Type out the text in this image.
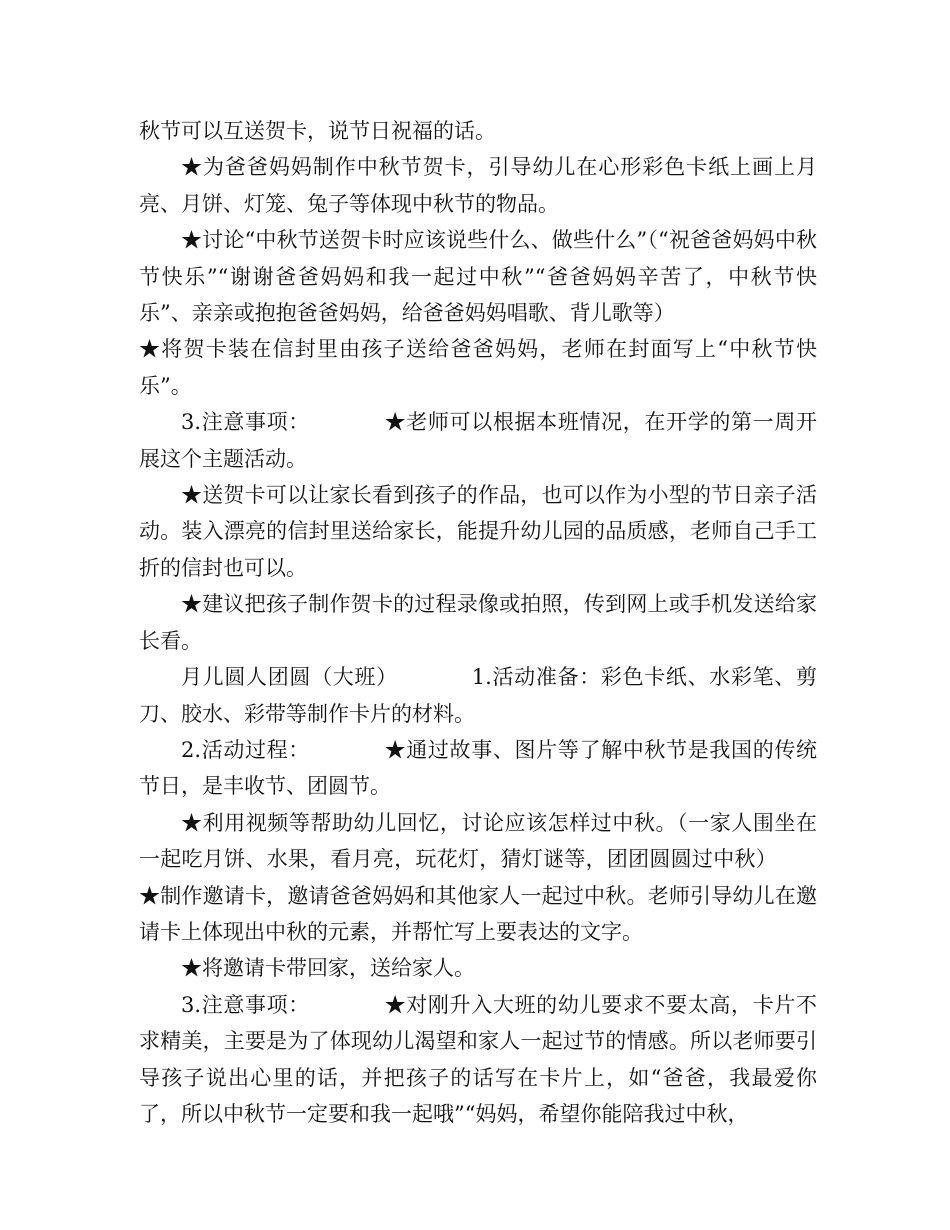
秋节可以互送贺卡，说节日祝福的话。

★为爸爸妈妈制作中秋节贺卡，引导幼儿在心形彩色卡纸上画上月亮、月饼、灯笼、兔子等体现中秋节的物品。

★讨论“中秋节送贺卡时应该说些什么、做些什么”（“祝爸爸妈妈中秋节快乐”“谢谢爸爸妈妈和我一起过中秋”“爸爸妈妈辛苦了，中秋节快乐”、亲亲或抱抱爸爸妈妈，给爸爸妈妈唱歌、背儿歌等）

★将贺卡装在信封里由孩子送给爸爸妈妈，老师在封面写上“中秋节快乐”。

3.注意事项：	★老师可以根据本班情况，在开学的第一周开展这个主题活动。

★送贺卡可以让家长看到孩子的作品，也可以作为小型的节日亲子活动。装入漂亮的信封里送给家长，能提升幼儿园的品质感，老师自己手工折的信封也可以。

★建议把孩子制作贺卡的过程录像或拍照，传到网上或手机发送给家长看。

月儿圆人团圆（大班）	1.活动准备：彩色卡纸、水彩笔、剪刀、胶水、彩带等制作卡片的材料。

2.活动过程：	★通过故事、图片等了解中秋节是我国的传统节日，是丰收节、团圆节。

★利用视频等帮助幼儿回忆，讨论应该怎样过中秋。（一家人围坐在一起吃月饼、水果，看月亮，玩花灯，猜灯谜等，团团圆圆过中秋）★制作邀请卡，邀请爸爸妈妈和其他家人一起过中秋。老师引导幼儿在邀请卡上体现出中秋的元素，并帮忙写上要表达的文字。

★将邀请卡带回家，送给家人。

3.注意事项：	★对刚升入大班的幼儿要求不要太高，卡片不求精美，主要是为了体现幼儿渴望和家人一起过节的情感。所以老师要引导孩子说出心里的话，并把孩子的话写在卡片上，如“爸爸，我最爱你了，所以中秋节一定要和我一起哦”“妈妈，希望你能陪我过中秋，
